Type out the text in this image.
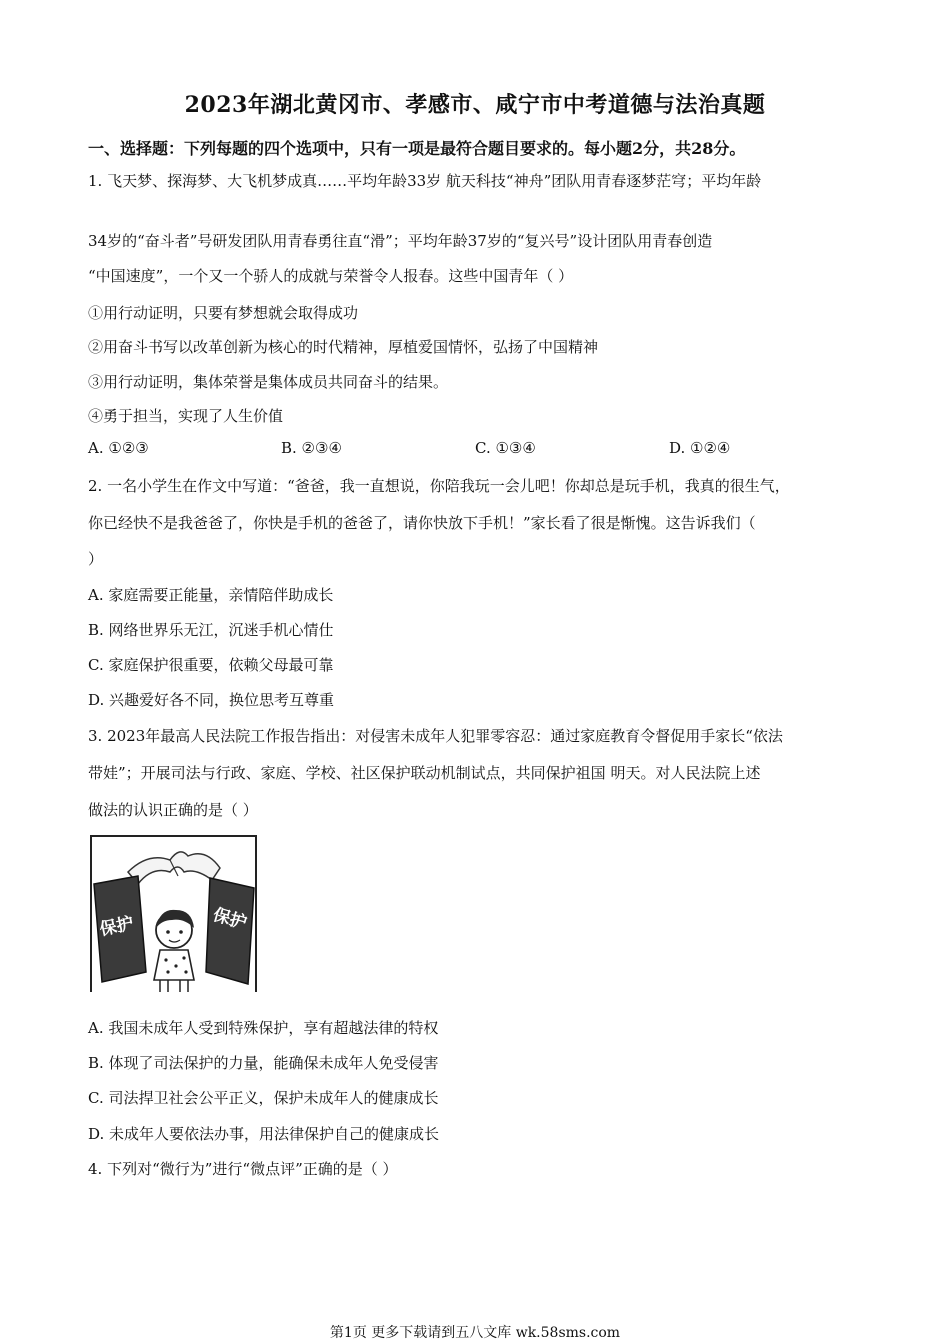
2023年湖北黄冈市、孝感市、咸宁市中考道德与法治真题
一、选择题：下列每题的四个选项中，只有一项是最符合题目要求的。每小题2分，共28分。
1. 飞天梦、探海梦、大飞机梦成真……平均年龄33岁 航天科技“神舟”团队用青春逐梦茫穹；平均年龄
34岁的“奋斗者”号研发团队用青春勇往直“滑”；平均年龄37岁的“复兴号”设计团队用青春创造
“中国速度”，一个又一个骄人的成就与荣誉令人报春。这些中国青年（ ）
①用行动证明，只要有梦想就会取得成功
②用奋斗书写以改革创新为核心的时代精神，厚植爱国情怀，弘扬了中国精神
③用行动证明，集体荣誉是集体成员共同奋斗的结果。
④勇于担当，实现了人生价值
A. ①②③	B. ②③④	C. ①③④	D. ①②④
2. 一名小学生在作文中写道：“爸爸，我一直想说，你陪我玩一会儿吧！你却总是玩手机，我真的很生气，
你已经快不是我爸爸了，你快是手机的爸爸了，请你快放下手机！”家长看了很是惭愧。这告诉我们（
）
A. 家庭需要正能量，亲情陪伴助成长
B. 网络世界乐无江，沉迷手机心情仕
C. 家庭保护很重要，依赖父母最可靠
D. 兴趣爱好各不同，换位思考互尊重
3. 2023年最高人民法院工作报告指出：对侵害未成年人犯罪零容忍：通过家庭教育令督促用手家长“依法
带娃”；开展司法与行政、家庭、学校、社区保护联动机制试点，共同保护祖国 明天。对人民法院上述
做法的认识正确的是（ ）
保护	保护
A. 我国未成年人受到特殊保护，享有超越法律的特权
B. 体现了司法保护的力量，能确保未成年人免受侵害
C. 司法捍卫社会公平正义，保护未成年人的健康成长
D. 未成年人要依法办事，用法律保护自己的健康成长
4. 下列对“微行为”进行“微点评”正确的是（ ）
第1页 更多下载请到五八文库 wk.58sms.com
